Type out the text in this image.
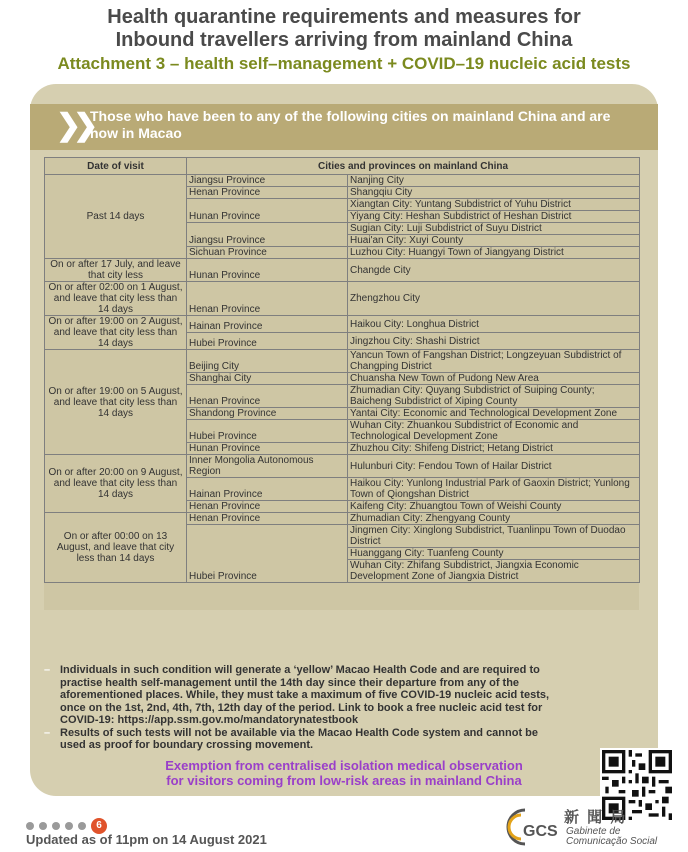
Health quarantine requirements and measures for
Inbound travellers arriving from mainland China
Attachment 3 – health self–management + COVID–19 nucleic acid tests
❯❯ Those who have been to any of the following cities on mainland China and are now in Macao
Date of visit	Cities and provinces on mainland China	
Past 14 days	Jiangsu Province	Nanjing City
	Henan Province	Shangqiu City
	Hunan Province	Xiangtan City: Yuntang Subdistrict of Yuhu District
		Yiyang City: Heshan Subdistrict of Heshan District
	Jiangsu Province	Sugian City: Luji Subdistrict of Suyu District
		Huai'an City: Xuyi County
	Sichuan Province	Luzhou City: Huangyi Town of Jiangyang District
On or after 17 July, and leave that city less	Hunan Province	Changde City
On or after 02:00 on 1 August, and leave that city less than 14 days	Henan Province	Zhengzhou City
On or after 19:00 on 2 August, and leave that city less than 14 days	Hainan Province	Haikou City: Longhua District
	Hubei Province	Jingzhou City: Shashi District
On or after 19:00 on 5 August, and leave that city less than 14 days	Beijing City	Yancun Town of Fangshan District; Longzeyuan Subdistrict of Changping District
	Shanghai City	Chuansha New Town of Pudong New Area
	Henan Province	Zhumadian City: Quyang Subdistrict of Suiping County; Baicheng Subdistrict of Xiping County
	Shandong Province	Yantai City: Economic and Technological Development Zone
	Hubei Province	Wuhan City: Zhuankou Subdistrict of Economic and Technological Development Zone
	Hunan Province	Zhuzhou City: Shifeng District; Hetang District
On or after 20:00 on 9 August, and leave that city less than 14 days	Inner Mongolia Autonomous Region	Hulunburi City: Fendou Town of Hailar District
	Hainan Province	Haikou City: Yunlong Industrial Park of Gaoxin District; Yunlong Town of Qiongshan District
	Henan Province	Kaifeng City: Zhuangtou Town of Weishi County
On or after 00:00 on 13 August, and leave that city less than 14 days	Henan Province	Zhumadian City: Zhengyang County
	Hubei Province	Jingmen City: Xinglong Subdistrict, Tuanlinpu Town of Duodao District
		Huanggang City: Tuanfeng County
		Wuhan City: Zhifang Subdistrict, Jiangxia Economic Development Zone of Jiangxia District
– Individuals in such condition will generate a ‘yellow’ Macao Health Code and are required to practise health self-management until the 14th day since their departure from any of the aforementioned places. While, they must take a maximum of five COVID-19 nucleic acid tests, once on the 1st, 2nd, 4th, 7th, 12th day of the period. Link to book a free nucleic acid test for COVID-19: https://app.ssm.gov.mo/mandatorynatestbook
– Results of such tests will not be available via the Macao Health Code system and cannot be used as proof for boundary crossing movement.
Exemption from centralised isolation medical observation
for visitors coming from low-risk areas in mainland China
6
Updated as of 11pm on 14 August 2021	GCS
新 聞 局
Gabinete de
Comunicação Social
